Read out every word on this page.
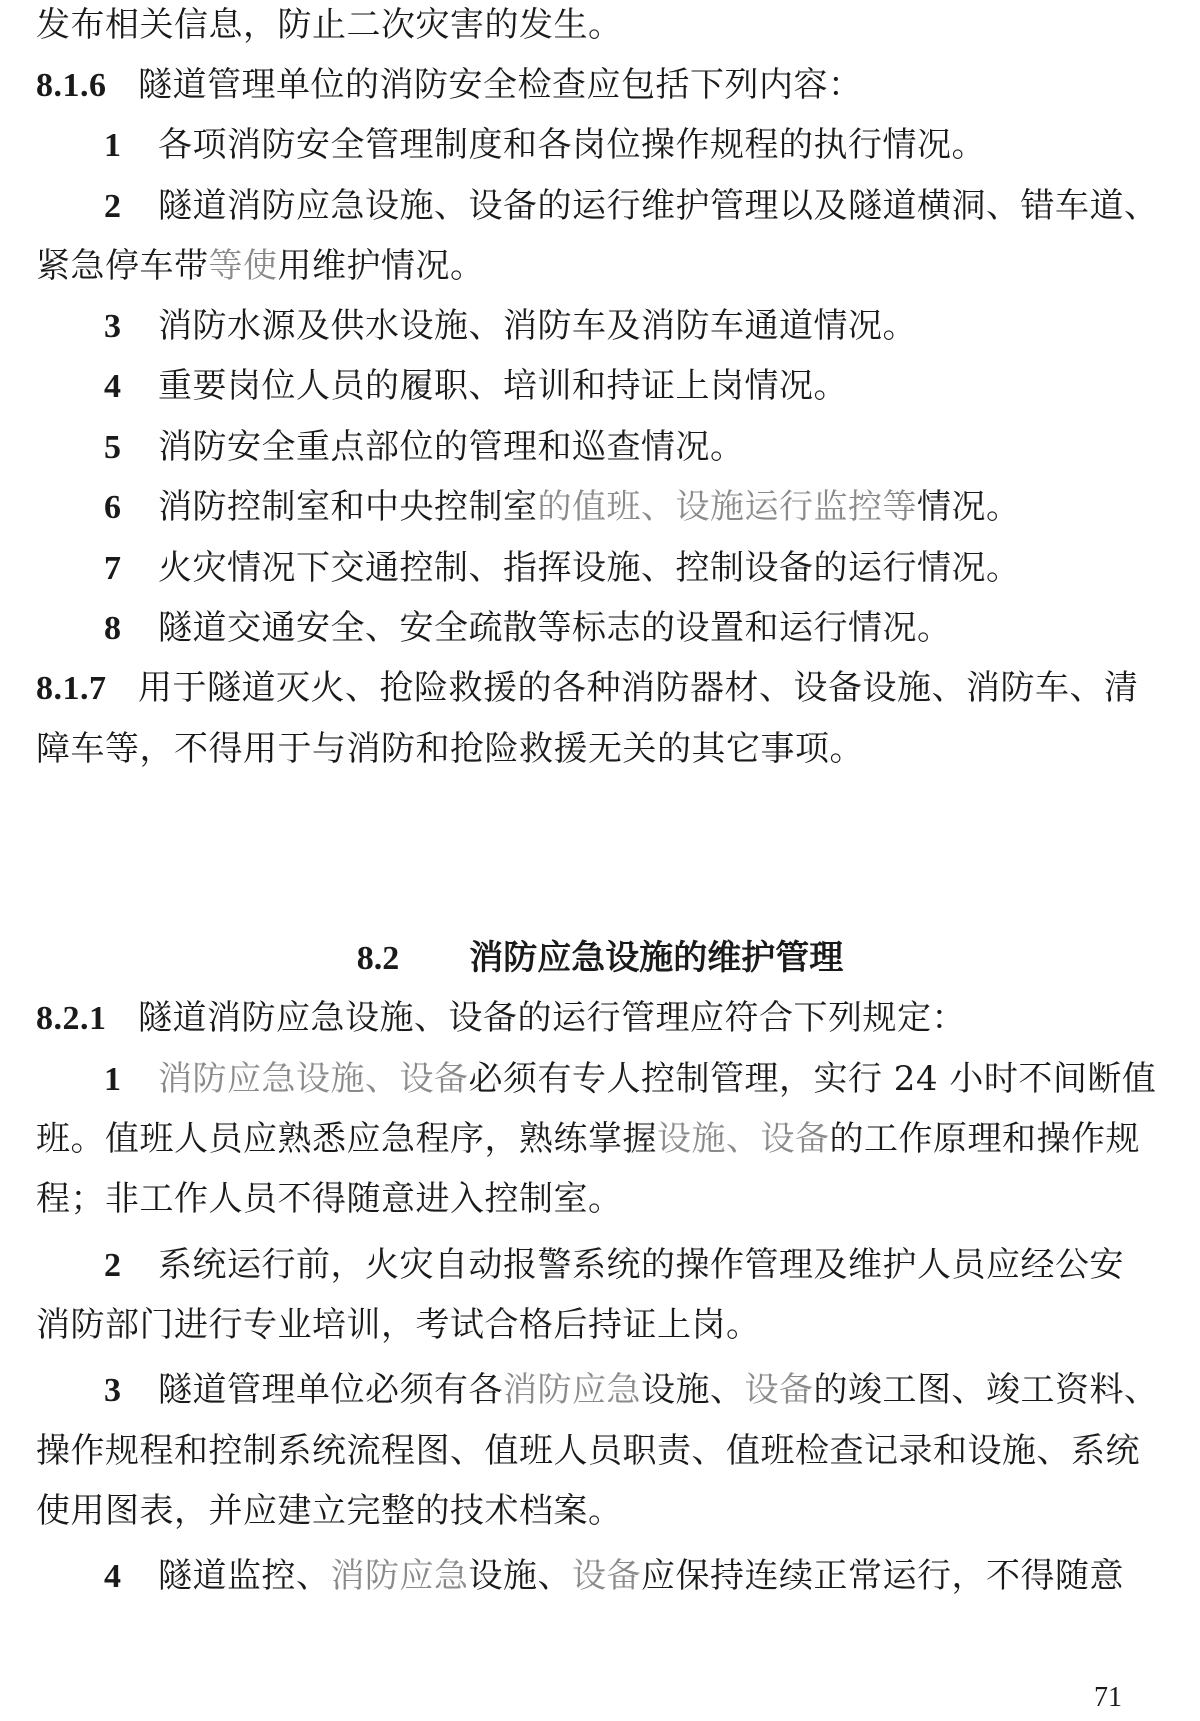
发布相关信息，防止二次灾害的发生。
8.1.6 隧道管理单位的消防安全检查应包括下列内容：
1 各项消防安全管理制度和各岗位操作规程的执行情况。
2 隧道消防应急设施、设备的运行维护管理以及隧道横洞、错车道、
紧急停车带等使用维护情况。
3 消防水源及供水设施、消防车及消防车通道情况。
4 重要岗位人员的履职、培训和持证上岗情况。
5 消防安全重点部位的管理和巡查情况。
6 消防控制室和中央控制室的值班、设施运行监控等情况。
7 火灾情况下交通控制、指挥设施、控制设备的运行情况。
8 隧道交通安全、安全疏散等标志的设置和运行情况。
8.1.7 用于隧道灭火、抢险救援的各种消防器材、设备设施、消防车、清
障车等，不得用于与消防和抢险救援无关的其它事项。
8.2 消防应急设施的维护管理
8.2.1 隧道消防应急设施、设备的运行管理应符合下列规定：
1 消防应急设施、设备必须有专人控制管理，实行 24 小时不间断值
班。值班人员应熟悉应急程序，熟练掌握设施、设备的工作原理和操作规
程；非工作人员不得随意进入控制室。
2 系统运行前，火灾自动报警系统的操作管理及维护人员应经公安
消防部门进行专业培训，考试合格后持证上岗。
3 隧道管理单位必须有各消防应急设施、设备的竣工图、竣工资料、
操作规程和控制系统流程图、值班人员职责、值班检查记录和设施、系统
使用图表，并应建立完整的技术档案。
4 隧道监控、消防应急设施、设备应保持连续正常运行，不得随意
71
